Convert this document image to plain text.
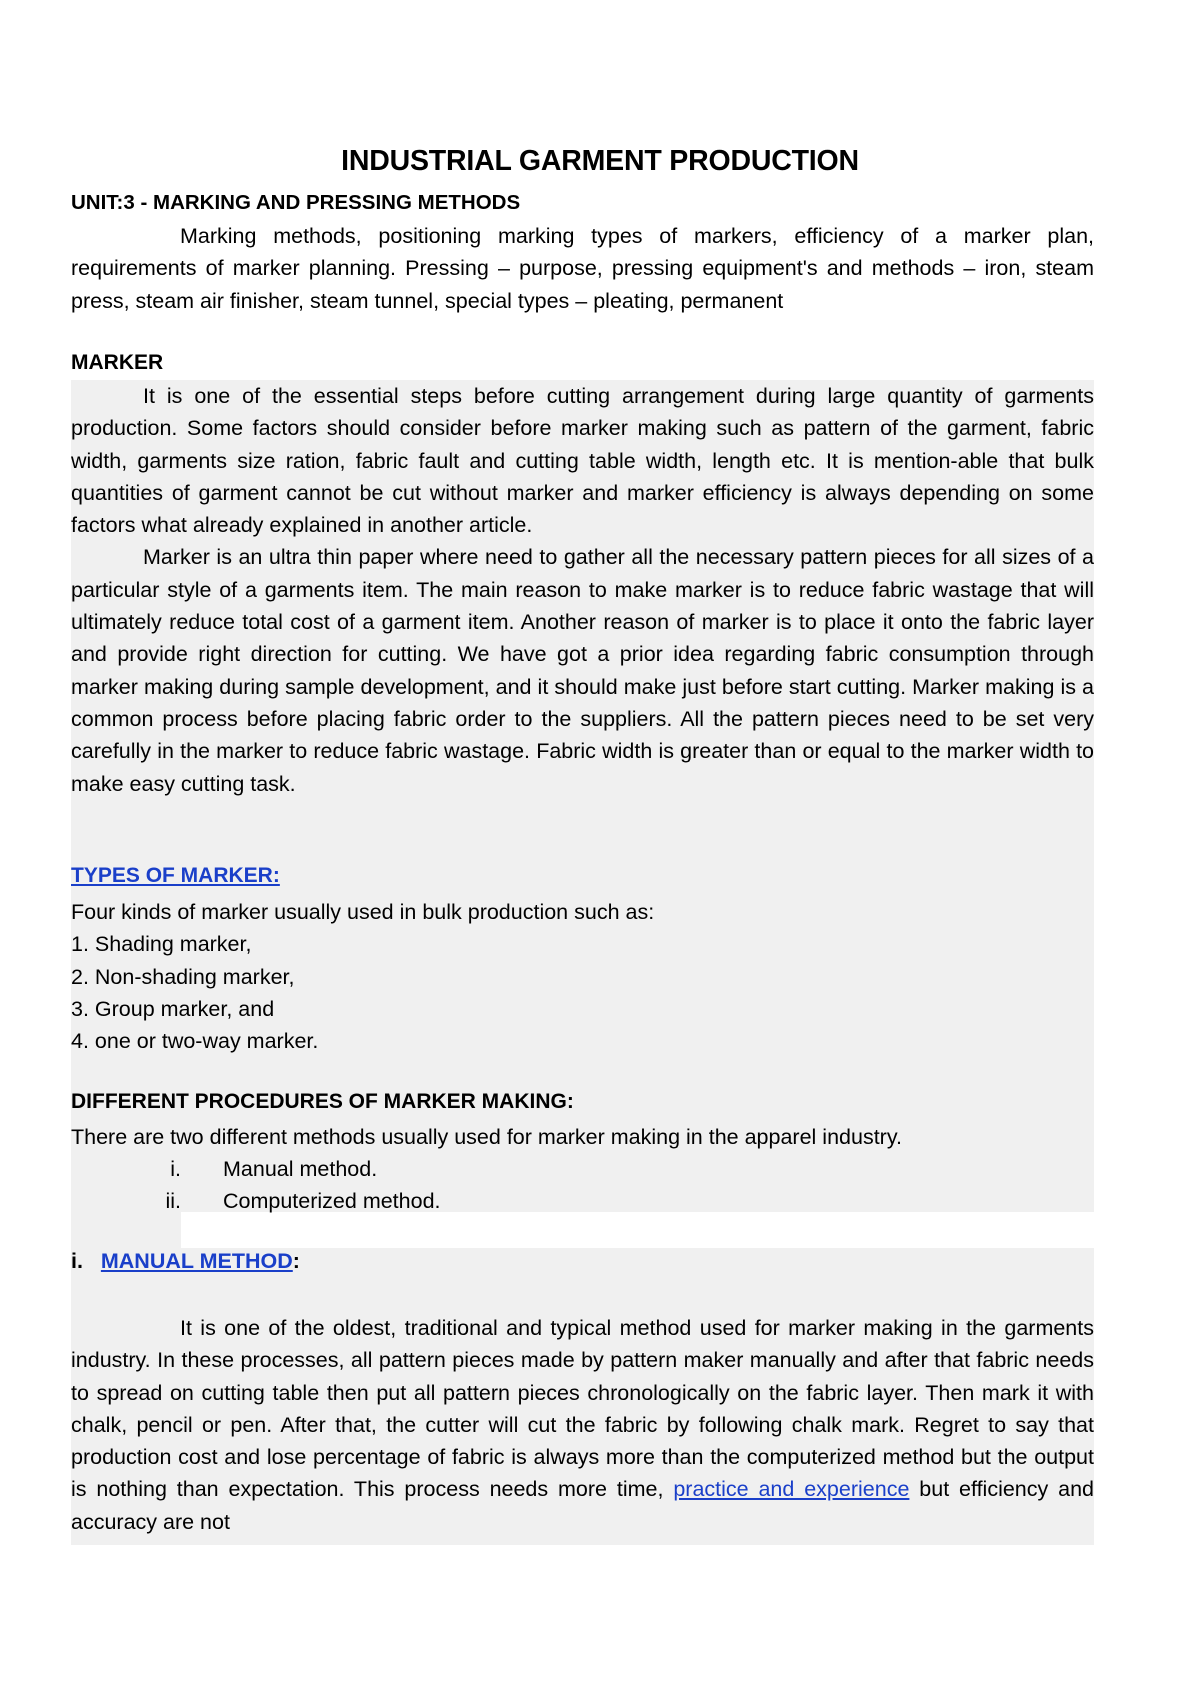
INDUSTRIAL GARMENT PRODUCTION
UNIT:3 - MARKING AND PRESSING METHODS

Marking methods, positioning marking types of markers, efficiency of a marker plan, requirements of marker planning. Pressing – purpose, pressing equipment's and methods – iron, steam press, steam air finisher, steam tunnel, special types – pleating, permanent

MARKER

It is one of the essential steps before cutting arrangement during large quantity of garments production. Some factors should consider before marker making such as pattern of the garment, fabric width, garments size ration, fabric fault and cutting table width, length etc. It is mention-able that bulk quantities of garment cannot be cut without marker and marker efficiency is always depending on some factors what already explained in another article.

Marker is an ultra thin paper where need to gather all the necessary pattern pieces for all sizes of a particular style of a garments item. The main reason to make marker is to reduce fabric wastage that will ultimately reduce total cost of a garment item. Another reason of marker is to place it onto the fabric layer and provide right direction for cutting. We have got a prior idea regarding fabric consumption through marker making during sample development, and it should make just before start cutting. Marker making is a common process before placing fabric order to the suppliers. All the pattern pieces need to be set very carefully in the marker to reduce fabric wastage. Fabric width is greater than or equal to the marker width to make easy cutting task.

TYPES OF MARKER:
Four kinds of marker usually used in bulk production such as:
1. Shading marker,
2. Non-shading marker,
3. Group marker, and
4. one or two-way marker.
DIFFERENT PROCEDURES OF MARKER MAKING:
There are two different methods usually used for marker making in the apparel industry.
i. Manual method.
ii. Computerized method.
i. MANUAL METHOD:

It is one of the oldest, traditional and typical method used for marker making in the garments industry. In these processes, all pattern pieces made by pattern maker manually and after that fabric needs to spread on cutting table then put all pattern pieces chronologically on the fabric layer. Then mark it with chalk, pencil or pen. After that, the cutter will cut the fabric by following chalk mark. Regret to say that production cost and lose percentage of fabric is always more than the computerized method but the output is nothing than expectation. This process needs more time, practice and experience but efficiency and accuracy are not
